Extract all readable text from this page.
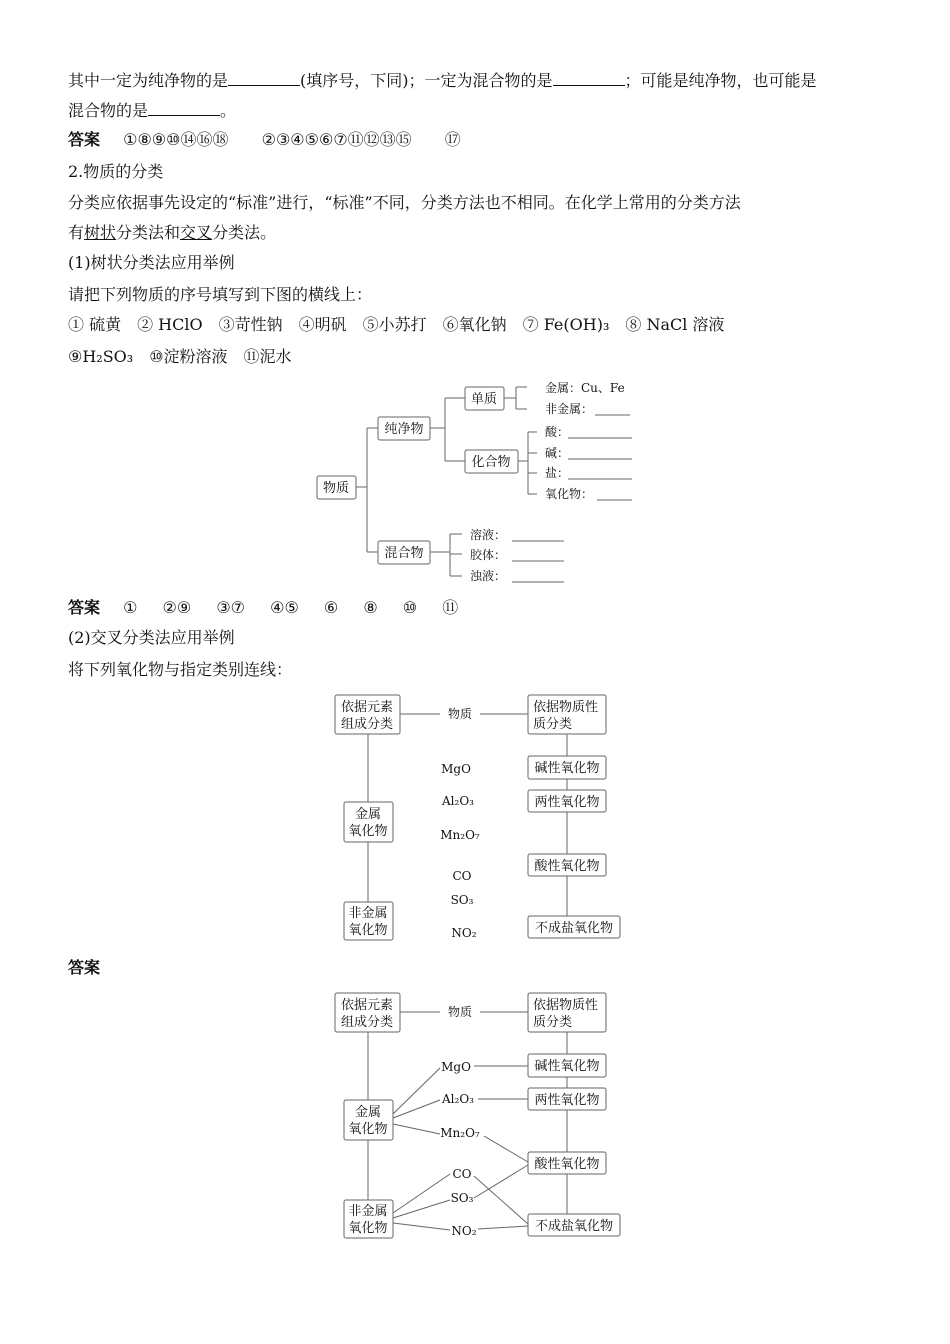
其中一定为纯净物的是	(填序号，下同)；一定为混合物的是	；可能是纯净物，也可能是
混合物的是	。
答案 ①⑧⑨⑩⑭⑯⑱ ②③④⑤⑥⑦⑪⑫⑬⑮ ⑰
2.物质的分类
分类应依据事先设定的“标准”进行，“标准”不同，分类方法也不相同。在化学上常用的分类方法
有树状分类法和交叉分类法。
(1)树状分类法应用举例
请把下列物质的序号填写到下图的横线上：
① 硫黄　② HClO　③苛性钠　④明矾　⑤小苏打　⑥氧化钠　⑦ Fe(OH)₃　⑧ NaCl 溶液
⑨H₂SO₃　⑩淀粉溶液　⑪泥水
物质
纯净物
混合物
单质
化合物
金属：Cu、Fe
非金属：
酸：
碱：
盐：
氧化物：
溶液：
胶体：
浊液：
答案 ① ②⑨ ③⑦ ④⑤ ⑥ ⑧ ⑩ ⑪
(2)交叉分类法应用举例
将下列氧化物与指定类别连线：
依据元素
组成分类
物质	依据物质性
质分类
金属
氧化物
非金属
氧化物
碱性氧化物
两性氧化物
酸性氧化物
不成盐氧化物
MgO
Al₂O₃
Mn₂O₇
CO
SO₃
NO₂
答案
依据元素
组成分类
物质	依据物质性
质分类
金属
氧化物
非金属
氧化物
碱性氧化物
两性氧化物
酸性氧化物
不成盐氧化物
MgO
Al₂O₃
Mn₂O₇
CO
SO₃
NO₂
